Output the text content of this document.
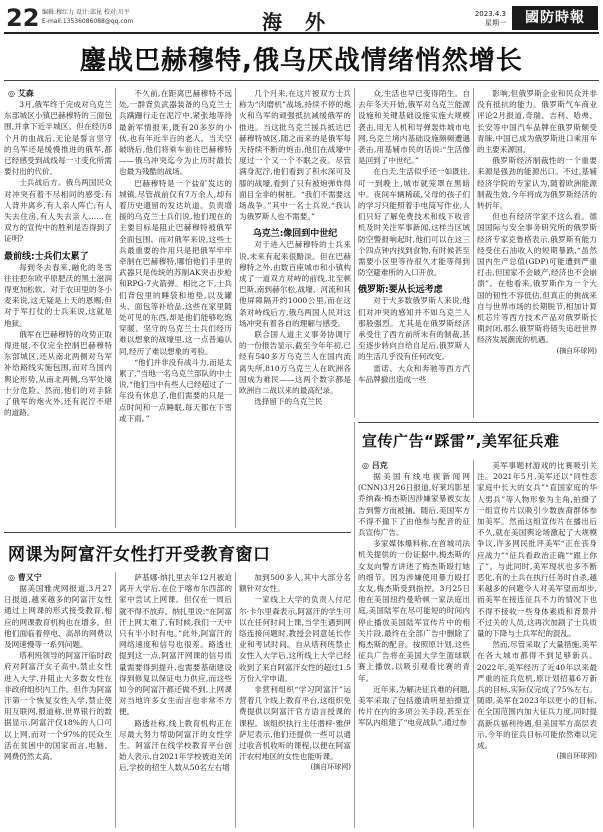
22 编辑:穆红力 设计:邱昆 校对:川平
E-mail:13536086088@qq.com	海 外	2023.4.3
星期一	國防時報
鏖战巴赫穆特,俄乌厌战情绪悄然增长

◎ 艾森

3月,俄军终于完成对乌克兰东部城区小镇巴赫穆特的三面包围,并拿下近半城区。但在经历8个月的血战后,无论是誓言坚守的乌军还是缓慢推进的俄军,都已经感受到战线每一寸变化所需要付出的代价。

士兵战后方。俄乌两国民众对冲突有着不尽相同的感受:有人背井离乡,有人亲人阵亡;有人失去住房,有人失去亲人……在双方的宣传中的胜利是否得到了证明?

最前线:士兵们太累了

每到冬去春来,融化的冬雪往往把东欧平原肥沃的黑土滋润得更加松软。对于农田里的冬小麦来说,这无疑是上天的恩赐;但对于军打仗的士兵来说,这就是地狱。

俄军在巴赫穆特的攻势正取得进展,不仅完全控制巴赫穆特东部城区,还从南北两侧对乌军补给路线实施包围,而对乌国内舆论形势,从南北两侧,乌军处境十分危险。然而,他们的对手除了俄军的炮火外,还有泥泞不堪的道路。

不久前,在距离巴赫穆特不远处,一群背负武器装备的乌克兰士兵蹒跚行走在泥泞中,紧张地等待最新军情报来,既有20多岁的小伙,也有年近半百的老人。当天空破晓后,他们将乘车前往巴赫穆特——俄乌冲突迄今为止历时最长也最为残酷的战场。

巴赫穆特是一个盐矿发达的城镇,尽管战前仅有7万余人,却有着历史遗留的发达坑道。负责增援的乌克兰士兵们说,他们现在的主要目标是阻止巴赫穆特被俄军全面包围。而对俄军来说,这些士兵最重要的作用只是把俄军牢牢牵制在巴赫穆特,哪怕他们手里的武器只是传统的苏制AK突击步枪和RPG-7火箭弹。相比之下,士兵们背包里的睡袋和地垫,以及罐头、面包等补给品,这些在家里随处可见的东西,却是他们能够吃饱穿暖、坚守的乌克兰士兵们经历难以想象的战壕里,这一点普遍认同,经历了难以想象的考验。

“他们并非没有战斗力,而是太累了,”当地一名乌克兰部队的中士说,“他们当中有些人已经超过了一年没有休息了,他们需要的只是一点时间和一点睡眠,每天都在下雪或下雨。”

几个月来,在这片被双方士兵称为“肉磨机”战场,持续不停的炮火和乌军的顽强抵抗减缓俄军的推进。当这批乌克兰援兵抵达巴赫穆特城区,随之而来的是俄军每天持续不断的炮击,他们在战壕中度过一个又一个不眠之夜。尽管满身泥泞,他们看到了积水深可及膝的战壕,看到了只有被炮弹炸得面目全非的树桩。“我们不需要这场战争。”其中一名士兵说,“我认为俄罗斯人也不需要。”

乌克兰:像回到中世纪

对于进入巴赫穆特的士兵来说,未来有起来很黯淡。但在巴赫穆特之外,由数百座城市和小镇构成了一道双方对峙的前线,北至顿巴斯,南到赫尔松,战壕、河流和其他屏障隔开约1000公里,而在这条对峙线后方,俄乌两国人民对这场冲突有着各自的理解与感受。

联合国人道主义事务协调厅的一份报告显示,截至今年年初,已经有540多万乌克兰人在国内流离失所,810万乌克兰人在欧洲各国成为难民——这两个数字都是欧洲自二战以来的最高纪录。

选择留下的乌克兰民

众,生活也早已变得陌生。自去年冬天开始,俄军对乌克兰能源设施和关键基础设施实施大规模袭击,用无人机和导弹轰炸城市电网,乌克兰境内基础设施频频遭遇袭击,用基辅市民的话说:“生活像是回到了中世纪。”

在白天,生活似乎还一如既往,可一到晚上,城市就笼罩在黑暗中。夜间车辆稀疏,父母的孩子们的学习只能照着手电筒写作业,人们只好了解免费技术和线下收音机及时关注军事新闻,这样当区域防空警报响起时,他们可以在这三个四点钟内找到食物,有时候甚至需要小区里等待很久才能等得到防空避难所的入口开放。

俄罗斯:要从长远考虑

对于大多数俄罗斯人来说,他们对冲突的感知并不如乌克兰人那般强烈。尤其是在俄罗斯经济承受住了西方前所未有的制裁,甚至逐步转向自给自足后,俄罗斯人的生活几乎没有任何改变。

雷诺、大众和奔驰等西方汽车品牌撤出造成一些

影响,但俄罗斯企业和民众并非没有抵抗的能力。俄罗斯气车商业评论2月报道,奇瑞、吉利、哈弗、长安等中国汽车品牌在俄罗斯颇受青睐,中国已成为俄罗斯进口乘用车的主要来源国。

俄罗斯经济制裁性的一个重要来源是强劲的能源出口。不过,基辅经济学院的专家认为,随着欧洲能源制裁生效,今年将成为俄罗斯经济的转折年。

但也有经济学家不这么看。德国国际与安全事务研究所的俄罗斯经济专家克鲁格表示,俄罗斯有能力经受住石油收入的短期暴跌,“虽然国内生产总值(GDP)可能遭到严重打击,但国家不会破产,经济也不会崩溃”。在他看来,俄罗斯作为一个大国的韧性不容低估,但真正的挑战来自与世界市场的长期脱节,相加计算机芯片等西方技术产品对俄罗斯长期封闭,那么俄罗斯将错失追赶世界经济发展潮流的机遇。

(摘自环球网)

宣传广告“踩雷”,美军征兵难

◎ 吕克

据美国有线电视新闻网(CNN)3月26日报道,好莱坞影星乔纳森·梅杰斯因涉嫌家暴被女友告到警方而被捕。随后,美国军方不得不撤下了由他参与配音的征兵宣传广告。

多家媒体爆料称,在首城司法机关提供的一份证据中,梅杰斯的女友向警方讲述了梅杰斯殴打她的细节。因为涉嫌使用暴力殴打女友,梅杰斯受到指控。3月25日他在美国纽约曼哈顿一家法庭出庭,美国陆军在尽可能短的时间内停止播放美国陆军宣传片中的相关片段,最终在全部广告中删除了梅杰斯的配音。按照原计划,这些征兵广告将在美国大学生篮球联赛上播放,以吸引观看比赛的青年。

近年来,为解决征兵难的问题,美军采取了包括邀请明星拍摄宣传片在内的多项公关手段,甚至在军队内组建了“电竞战队”,通过参

美军事题材游戏的比赛吸引关注。2021年5月,美军还以“同性恋家庭中长大的女兵”“直国家庭的华人男兵”等人物形象为主角,拍摄了一组宣传片以吸引少数族裔群体参加美军。然而这组宣传片在播出后不久,就在美国舆论场激起了大规模争议,许多网民批评美军“正在丧身应战力”“征兵看政治正确”“跟上你了”。与此同时,美军现状也多不断恶化,有的士兵在执行任务时自杀,越来越多的问题令人对美军望而却步,而美军在接连征兵不力的情况下也不得不接收一些身体素质和背景并不过关的人员,这再次加剧了士兵质量的下降与士兵军纪的混乱。

然而,尽管采取了大量措施,美军在各大城市都得不到足够新兵。2022年,美军经历了近40年以来最严重的征兵危机,原计划招募6万新兵的目标,实际仅完成了75%左右。随即,美军在2023年以更小的目标,在全国范围内加大征兵力度,同时提高新兵福利待遇,但美国军方高层表示,今年的征兵目标可能依然难以完成。

(摘自环球网)

网课为阿富汗女性打开受教育窗口

◎ 曹又宁

据美国雅虎网报道,3月27日报道,越来越多的阿富汗女性通过上网课的形式接受教育,相应的网课教育机构也在增多。但他们面临着停电、高昂的网费以及网速慢等一系列问题。

塔利班领导的阿富汗临时政府对阿富汗女子高中,禁止女性进入大学,并阻止大多数女性在非政府组织内工作。但作为阿富汗第一个恢复女性入学,禁止使用互联网,报道称,世界银行的数据显示,阿富汗仅18%的人口可以上网,而对一个97%的民众生活在贫困中的国家而言,电脑、网费仍然太高。

萨基娜·纳扎里去年12月被迫离开大学后,在位于喀布尔西部的家中尝试上网课。但仅在一周后就不得不放弃。纳扎里说:“在阿富汗上网太难了,有时候,我们一天中只有半小时有电。”此外,阿富汗的网络速度和信号也很差。路透社提到这一点,阿富汗网课的信号质量需要得到提升,也需要基础建设得到修复以保证电力供应,而这些如今的阿富汗都还做不到,上网课对当地许多女生而言也非常不方便。

路透社称,线上教育机构正在尽最大努力帮助阿富汗的女性学生。阿富汗在线学校教育平台创始人表示,自2021年学校被迫关闭后,学校的招生人数从50名左右增

加到500多人,其中大部分名额针对女性。

一家线上大学的负责人付尼尔·卡尔里森表示,阿富汗的学生可以在任何时间上课,当学生遇到网络连接问题时,教授会同意延长作业和考试时间。自从塔利班禁止女性入大学后,这所线上大学已经收到了来自阿富汗女性的超过1.5万份入学申请。

非营利组织“学习阿富汗”运营着几个线上教育平台,这组织免费提供以阿富汗官方语言授课的课程。该组织执行主任潜梓·雅伊萨尼表示,他们还提供一些可以通过收音机收听的课程,以便在阿富汗农村地区的女性也能听课。

(摘自环球网)
